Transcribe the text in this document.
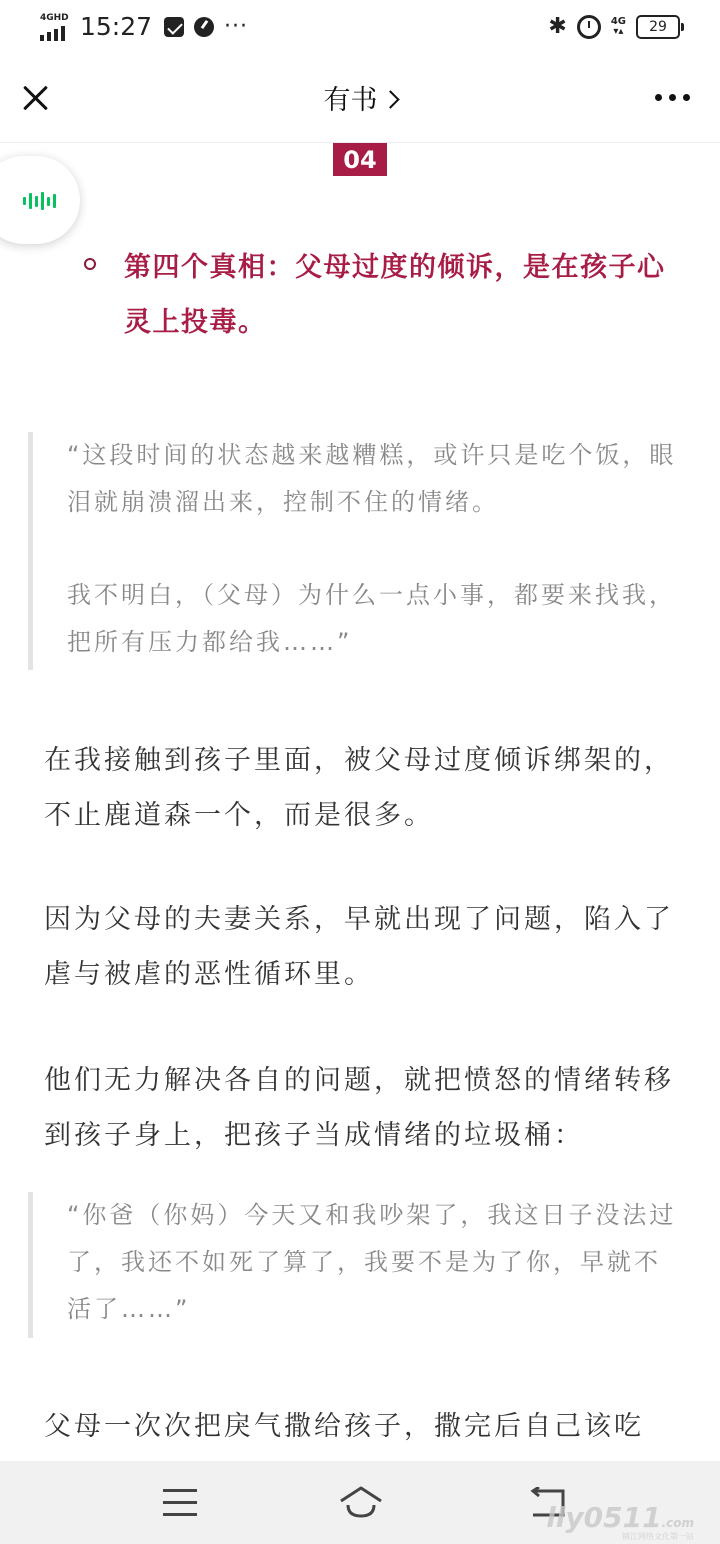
4GHD 15:27	···	✱	4G
▾▴	29
有书
04
第四个真相：父母过度的倾诉，是在孩子心灵上投毒。

“这段时间的状态越来越糟糕，或许只是吃个饭，眼泪就崩溃溜出来，控制不住的情绪。

我不明白，（父母）为什么一点小事，都要来找我，把所有压力都给我……”

在我接触到孩子里面，被父母过度倾诉绑架的，不止鹿道森一个，而是很多。
因为父母的夫妻关系，早就出现了问题，陷入了虐与被虐的恶性循环里。
他们无力解决各自的问题，就把愤怒的情绪转移到孩子身上，把孩子当成情绪的垃圾桶：

“你爸（你妈）今天又和我吵架了，我这日子没法过了，我还不如死了算了，我要不是为了你，早就不活了……”

父母一次次把戾气撒给孩子，撒完后自己该吃
lly0511.com
镇江网络文化第一站
